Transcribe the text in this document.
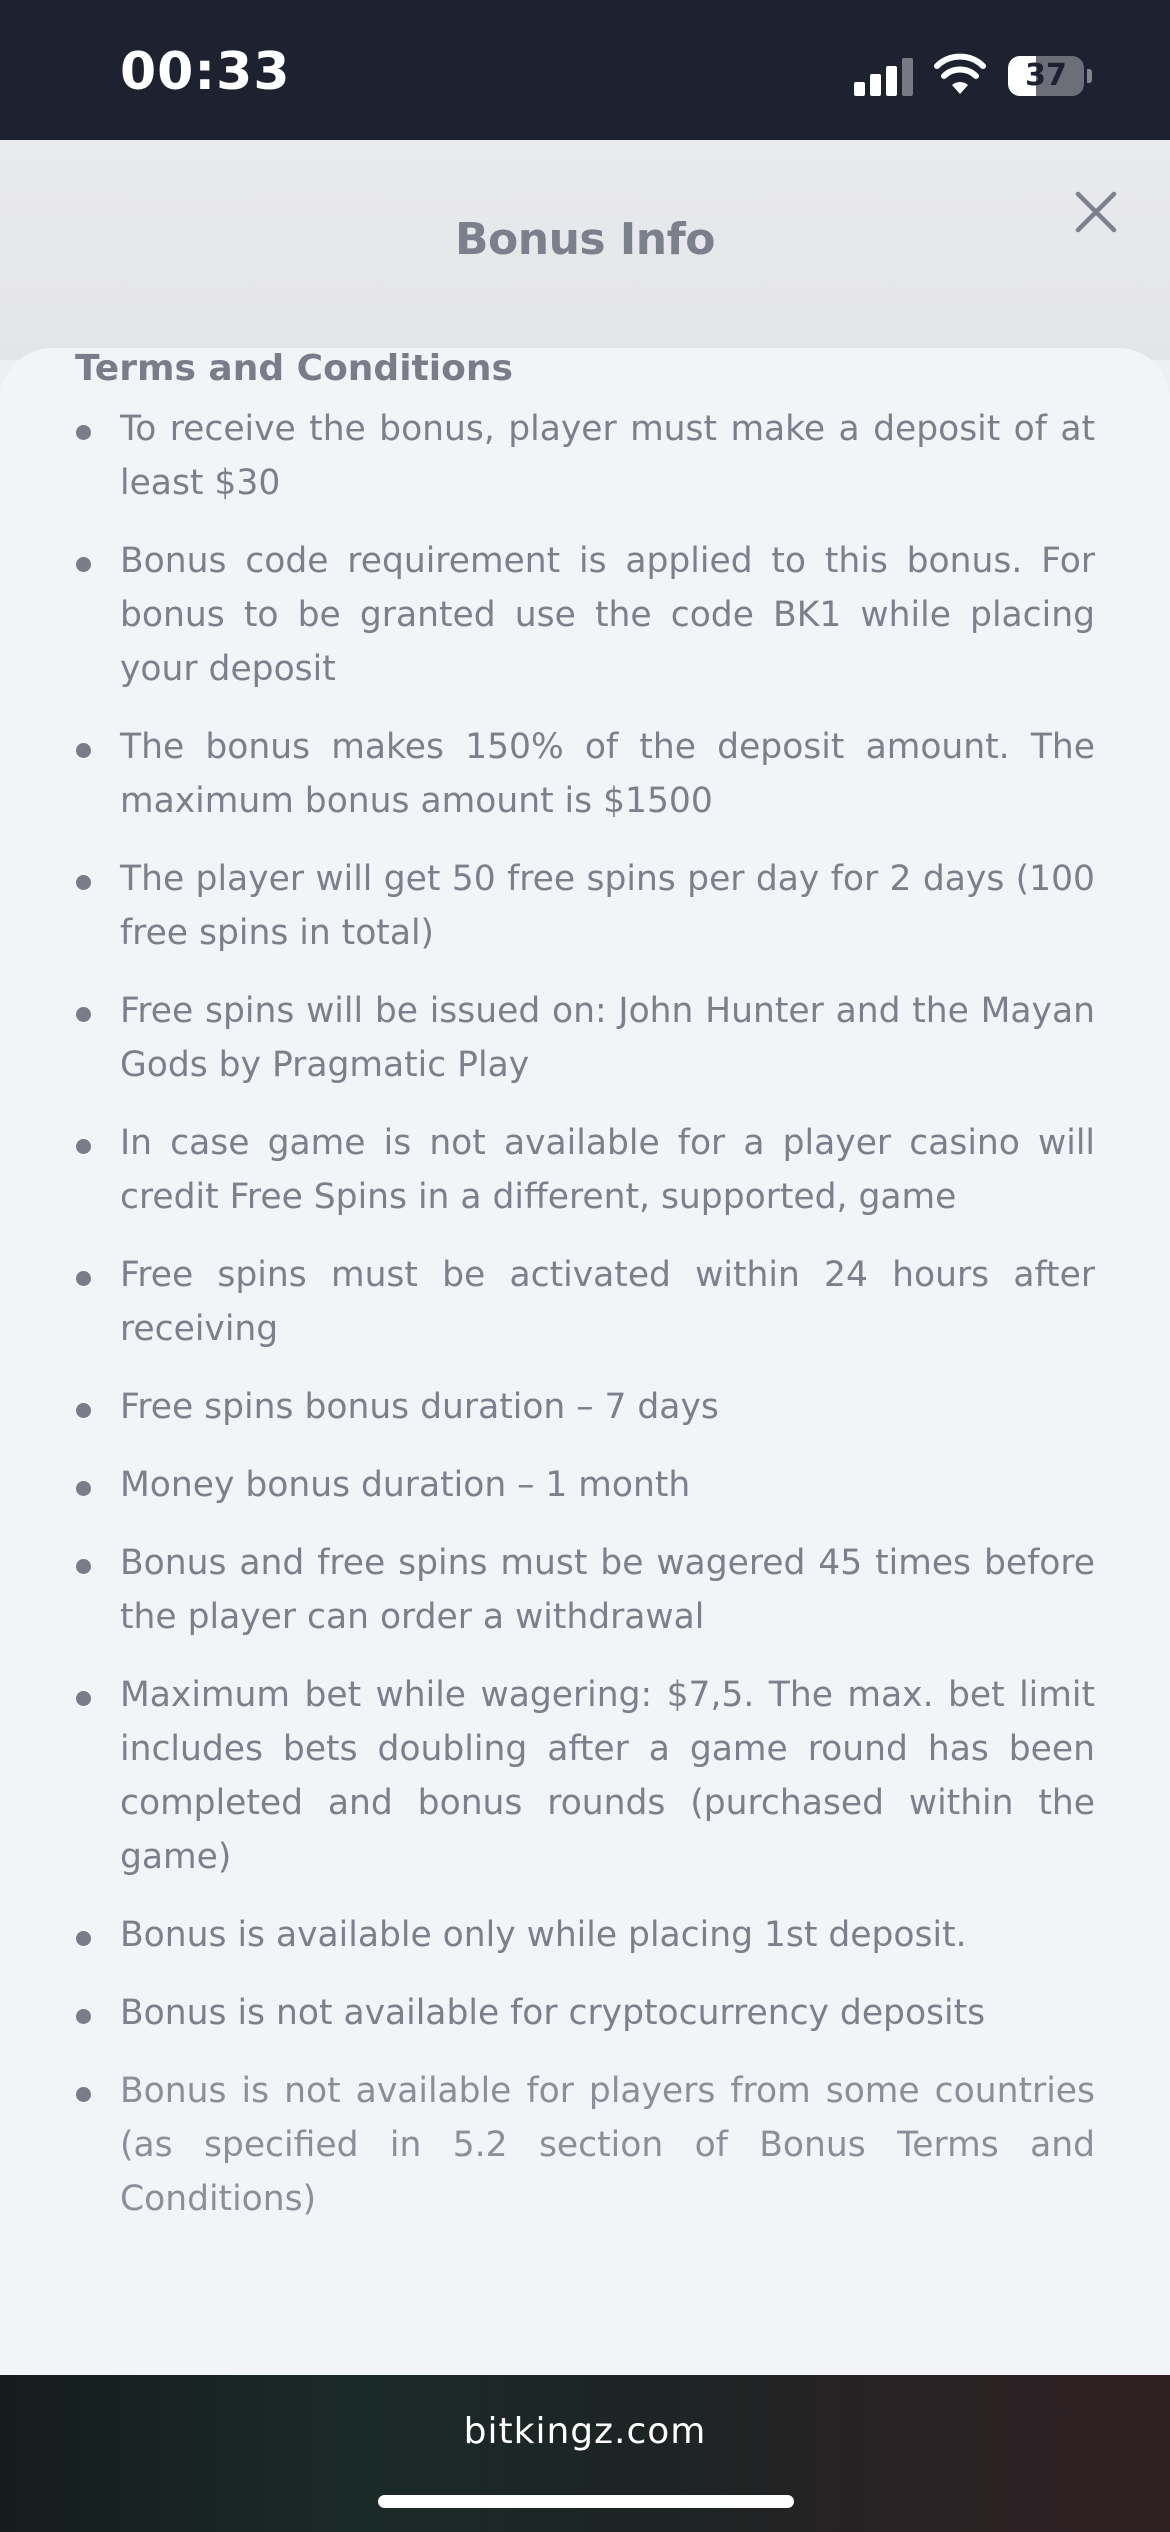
00:33	37
Bonus Info
Terms and Conditions

To receive the bonus, player must make a deposit of at least $30

Bonus code requirement is applied to this bonus. For bonus to be granted use the code BK1 while placing your deposit

The bonus makes 150% of the deposit amount. The maximum bonus amount is $1500

The player will get 50 free spins per day for 2 days (100 free spins in total)

Free spins will be issued on: John Hunter and the Mayan Gods by Pragmatic Play

In case game is not available for a player casino will credit Free Spins in a different, supported, game

Free spins must be activated within 24 hours after receiving

Free spins bonus duration – 7 days

Money bonus duration – 1 month

Bonus and free spins must be wagered 45 times before the player can order a withdrawal

Maximum bet while wagering: $7,5. The max. bet limit includes bets doubling after a game round has been completed and bonus rounds (purchased within the game)

Bonus is available only while placing 1st deposit.

Bonus is not available for cryptocurrency deposits

Bonus is not available for players from some countries (as specified in 5.2 section of Bonus Terms and Conditions)

bitkingz.com
